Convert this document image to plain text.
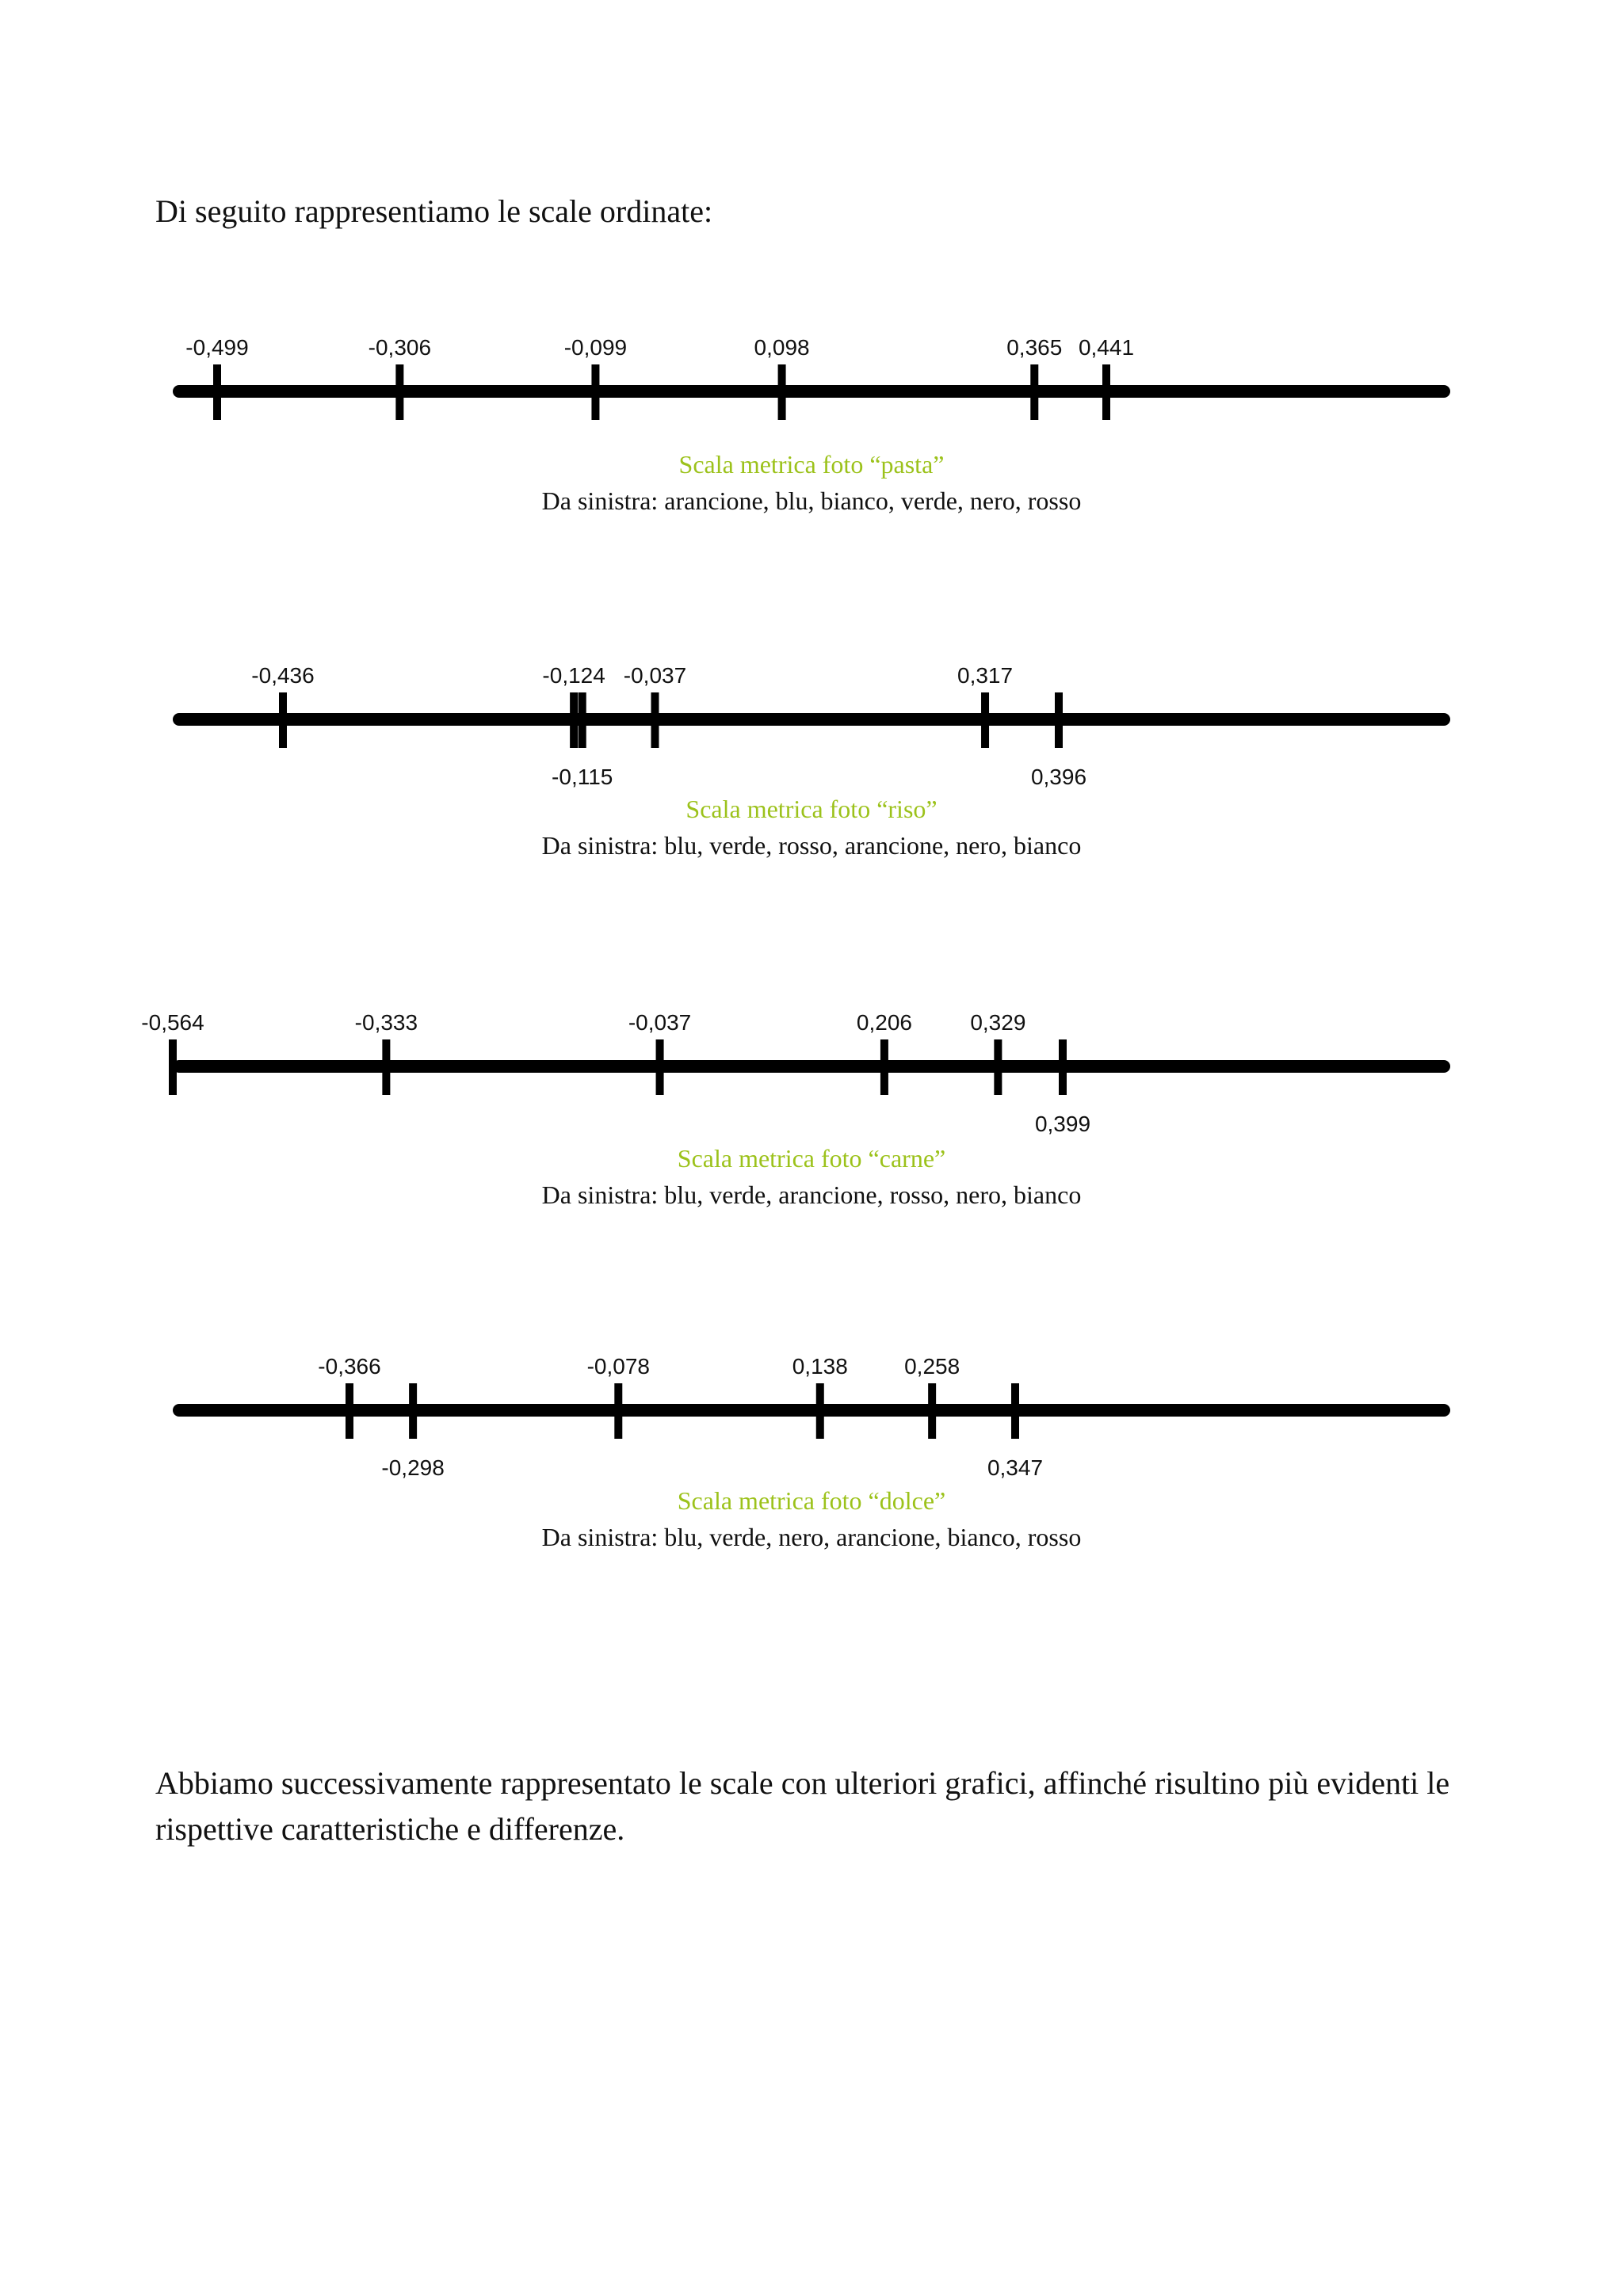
Di seguito rappresentiamo le scale ordinate:

-0,499	-0,306	-0,099	0,098	0,365 0,441
-0,436	-0,124
-0,115
-0,037	0,317
0,396
-0,564	-0,333	-0,037	0,206	0,329
0,399
-0,366
-0,298
-0,078	0,138	0,258
0,347

Scala metrica foto “pasta”

Da sinistra: arancione, blu, bianco, verde, nero, rosso

Scala metrica foto “riso”

Da sinistra: blu, verde, rosso, arancione, nero, bianco

Scala metrica foto “carne”

Da sinistra: blu, verde, arancione, rosso, nero, bianco

Scala metrica foto “dolce”

Da sinistra: blu, verde, nero, arancione, bianco, rosso

Abbiamo successivamente rappresentato le scale con ulteriori grafici, affinché risultino più evidenti le rispettive caratteristiche e differenze.
